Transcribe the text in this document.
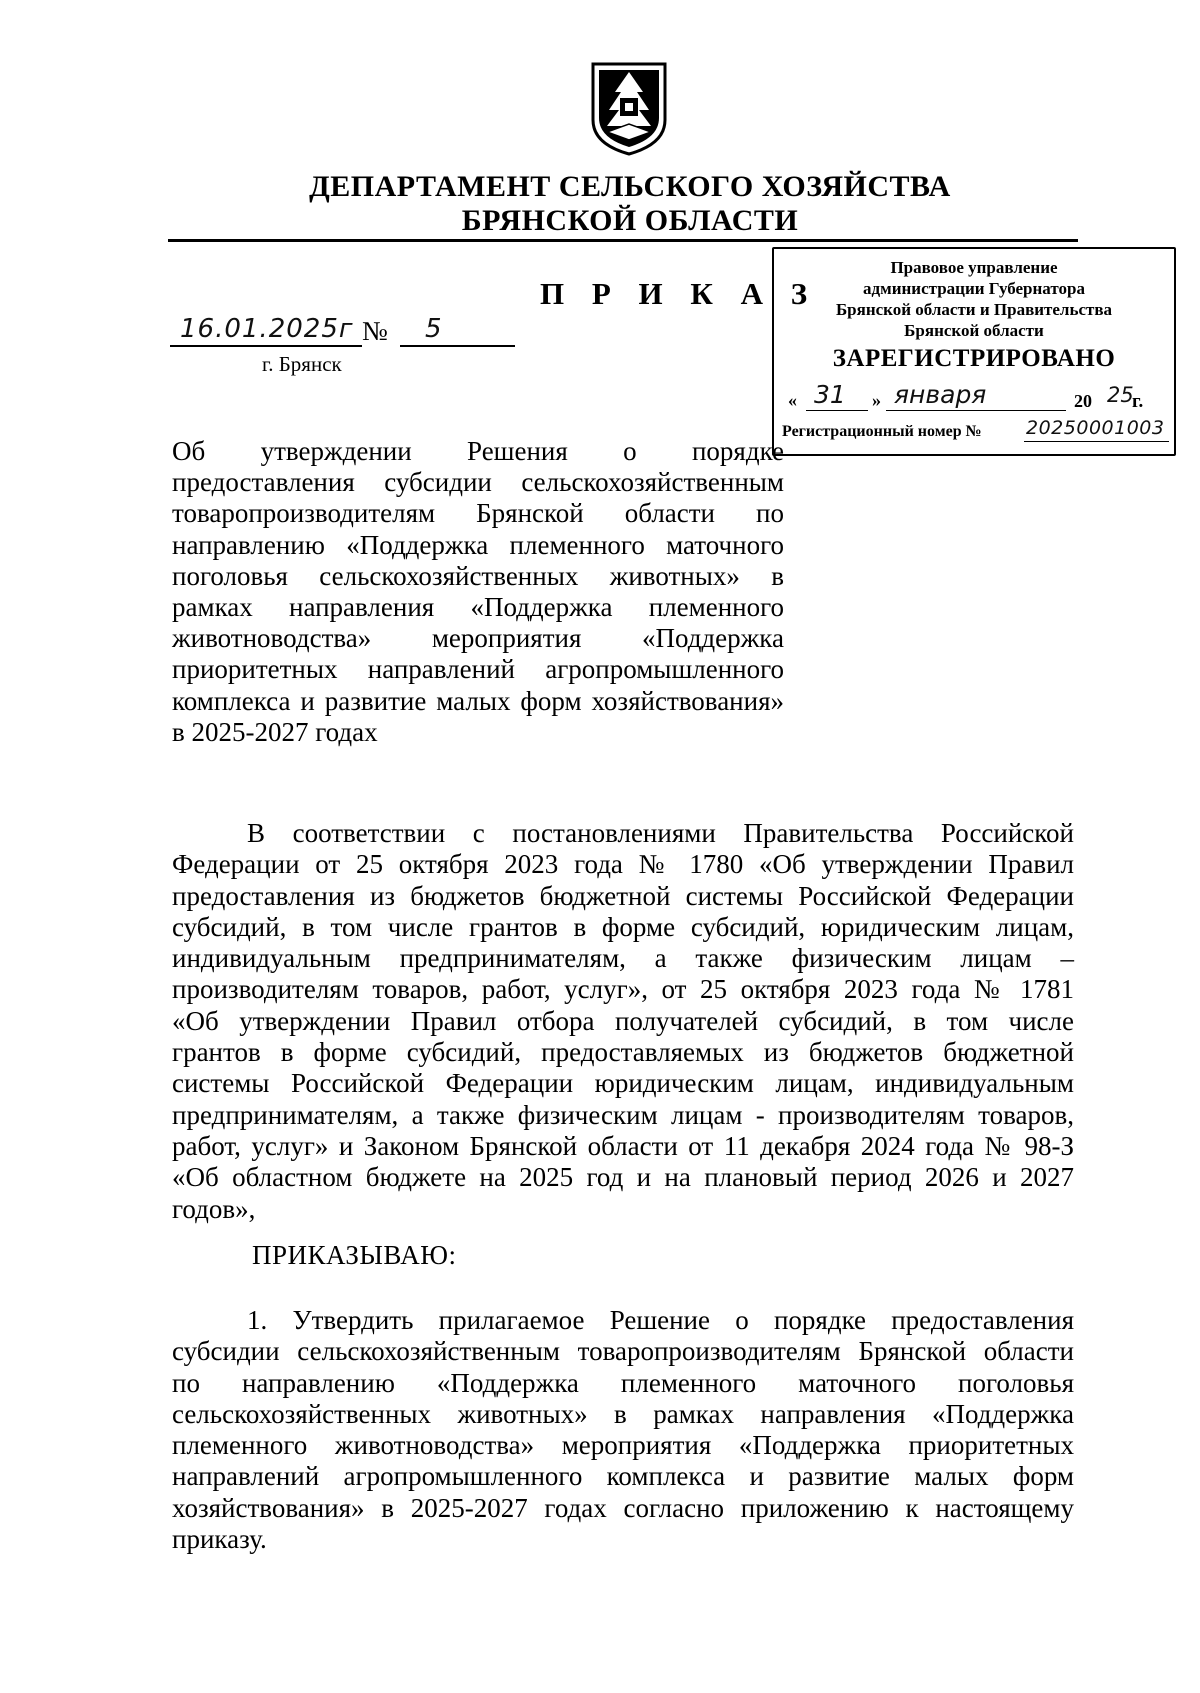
ДЕПАРТАМЕНТ СЕЛЬСКОГО ХОЗЯЙСТВА
БРЯНСКОЙ ОБЛАСТИ
П Р И К А З
16.01.2025г № 5
г. Брянск
Правовое управление
администрации Губернатора
Брянской области и Правительства
Брянской области
ЗАРЕГИСТРИРОВАНО
« 31 » января	20 25
г.
Регистрационный номер № 20250001003
Об утверждении Решения о порядке
предоставления субсидии сельскохозяйственным
товаропроизводителям Брянской области по
направлению «Поддержка племенного маточного
поголовья сельскохозяйственных животных» в
рамках направления «Поддержка племенного
животноводства» мероприятия «Поддержка
приоритетных направлений агропромышленного
комплекса и развитие малых форм хозяйствования»
в 2025-2027 годах
В соответствии с постановлениями Правительства Российской
Федерации от 25 октября 2023 года № 1780 «Об утверждении Правил
предоставления из бюджетов бюджетной системы Российской Федерации
субсидий, в том числе грантов в форме субсидий, юридическим лицам,
индивидуальным предпринимателям, а также физическим лицам –
производителям товаров, работ, услуг», от 25 октября 2023 года № 1781
«Об утверждении Правил отбора получателей субсидий, в том числе
грантов в форме субсидий, предоставляемых из бюджетов бюджетной
системы Российской Федерации юридическим лицам, индивидуальным
предпринимателям, а также физическим лицам - производителям товаров,
работ, услуг» и Законом Брянской области от 11 декабря 2024 года № 98-З
«Об областном бюджете на 2025 год и на плановый период 2026 и 2027
годов»,
ПРИКАЗЫВАЮ:
1. Утвердить прилагаемое Решение о порядке предоставления
субсидии сельскохозяйственным товаропроизводителям Брянской области
по направлению «Поддержка племенного маточного поголовья
сельскохозяйственных животных» в рамках направления «Поддержка
племенного животноводства» мероприятия «Поддержка приоритетных
направлений агропромышленного комплекса и развитие малых форм
хозяйствования» в 2025-2027 годах согласно приложению к настоящему
приказу.
